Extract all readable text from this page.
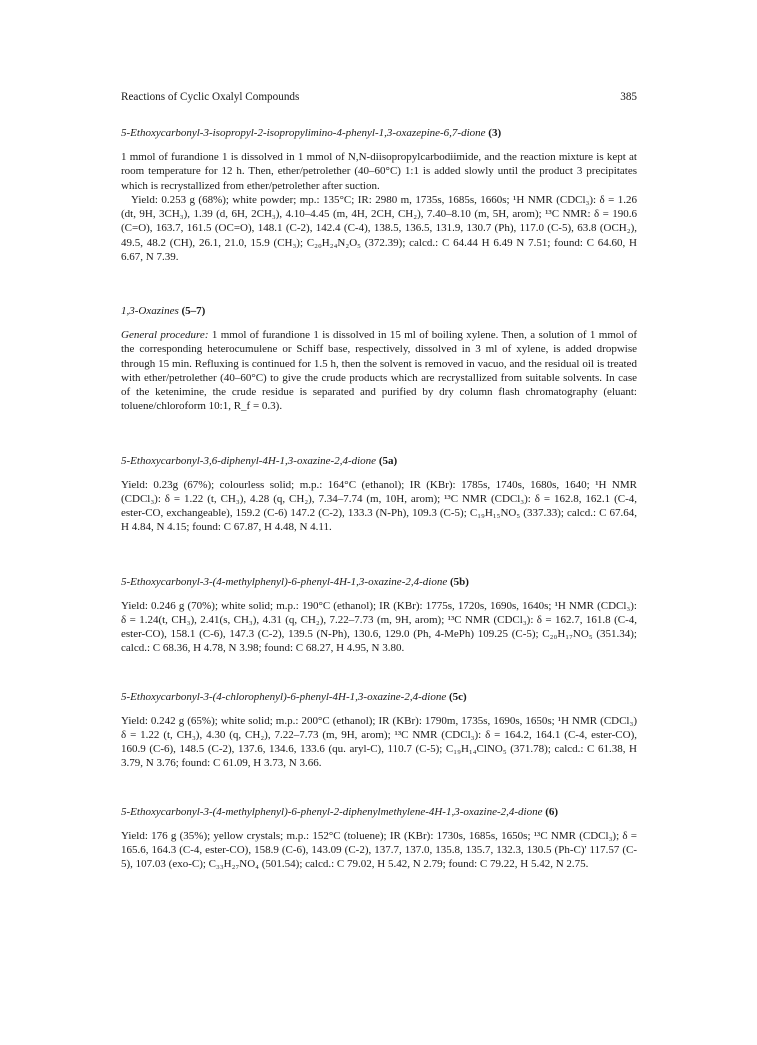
Reactions of Cyclic Oxalyl Compounds	385

5-Ethoxycarbonyl-3-isopropyl-2-isopropylimino-4-phenyl-1,3-oxazepine-6,7-dione (3)

1 mmol of furandione 1 is dissolved in 1 mmol of N,N-diisopropylcarbodiimide, and the reaction mixture is kept at room temperature for 12 h. Then, ether/petrolether (40–60°C) 1:1 is added slowly until the product 3 precipitates which is recrystallized from ether/petrolether after suction.

Yield: 0.253 g (68%); white powder; mp.: 135°C; IR: 2980 m, 1735s, 1685s, 1660s; ¹H NMR (CDCl₃): δ = 1.26 (dt, 9H, 3CH₃), 1.39 (d, 6H, 2CH₃), 4.10–4.45 (m, 4H, 2CH, CH₂), 7.40–8.10 (m, 5H, arom); ¹³C NMR: δ = 190.6 (C=O), 163.7, 161.5 (OC=O), 148.1 (C-2), 142.4 (C-4), 138.5, 136.5, 131.9, 130.7 (Ph), 117.0 (C-5), 63.8 (OCH₂), 49.5, 48.2 (CH), 26.1, 21.0, 15.9 (CH₃); C₂₀H₂₄N₂O₅ (372.39); calcd.: C 64.44 H 6.49 N 7.51; found: C 64.60, H 6.67, N 7.39.

1,3-Oxazines (5–7)

General procedure: 1 mmol of furandione 1 is dissolved in 15 ml of boiling xylene. Then, a solution of 1 mmol of the corresponding heterocumulene or Schiff base, respectively, dissolved in 3 ml of xylene, is added dropwise through 15 min. Refluxing is continued for 1.5 h, then the solvent is removed in vacuo, and the residual oil is treated with ether/petrolether (40–60°C) to give the crude products which are recrystallized from suitable solvents. In case of the ketenimine, the crude residue is separated and purified by dry column flash chromatography (eluant: toluene/chloroform 10:1, R_f = 0.3).

5-Ethoxycarbonyl-3,6-diphenyl-4H-1,3-oxazine-2,4-dione (5a)

Yield: 0.23g (67%); colourless solid; m.p.: 164°C (ethanol); IR (KBr): 1785s, 1740s, 1680s, 1640; ¹H NMR (CDCl₃): δ = 1.22 (t, CH₃), 4.28 (q, CH₂), 7.34–7.74 (m, 10H, arom); ¹³C NMR (CDCl₃): δ = 162.8, 162.1 (C-4, ester-CO, exchangeable), 159.2 (C-6) 147.2 (C-2), 133.3 (N-Ph), 109.3 (C-5); C₁₉H₁₅NO₅ (337.33); calcd.: C 67.64, H 4.84, N 4.15; found: C 67.87, H 4.48, N 4.11.

5-Ethoxycarbonyl-3-(4-methylphenyl)-6-phenyl-4H-1,3-oxazine-2,4-dione (5b)

Yield: 0.246 g (70%); white solid; m.p.: 190°C (ethanol); IR (KBr): 1775s, 1720s, 1690s, 1640s; ¹H NMR (CDCl₃): δ = 1.24(t, CH₃), 2.41(s, CH₃), 4.31 (q, CH₂), 7.22–7.73 (m, 9H, arom); ¹³C NMR (CDCl₃): δ = 162.7, 161.8 (C-4, ester-CO), 158.1 (C-6), 147.3 (C-2), 139.5 (N-Ph), 130.6, 129.0 (Ph, 4-MePh) 109.25 (C-5); C₂₀H₁₇NO₅ (351.34); calcd.: C 68.36, H 4.78, N 3.98; found: C 68.27, H 4.95, N 3.80.

5-Ethoxycarbonyl-3-(4-chlorophenyl)-6-phenyl-4H-1,3-oxazine-2,4-dione (5c)

Yield: 0.242 g (65%); white solid; m.p.: 200°C (ethanol); IR (KBr): 1790m, 1735s, 1690s, 1650s; ¹H NMR (CDCl₃) δ = 1.22 (t, CH₃), 4.30 (q, CH₂), 7.22–7.73 (m, 9H, arom); ¹³C NMR (CDCl₃): δ = 164.2, 164.1 (C-4, ester-CO), 160.9 (C-6), 148.5 (C-2), 137.6, 134.6, 133.6 (qu. aryl-C), 110.7 (C-5); C₁₉H₁₄ClNO₅ (371.78); calcd.: C 61.38, H 3.79, N 3.76; found: C 61.09, H 3.73, N 3.66.

5-Ethoxycarbonyl-3-(4-methylphenyl)-6-phenyl-2-diphenylmethylene-4H-1,3-oxazine-2,4-dione (6)

Yield: 176 g (35%); yellow crystals; m.p.: 152°C (toluene); IR (KBr): 1730s, 1685s, 1650s; ¹³C NMR (CDCl₃); δ = 165.6, 164.3 (C-4, ester-CO), 158.9 (C-6), 143.09 (C-2), 137.7, 137.0, 135.8, 135.7, 132.3, 130.5 (Ph-C)' 117.57 (C-5), 107.03 (exo-C); C₃₃H₂₇NO₄ (501.54); calcd.: C 79.02, H 5.42, N 2.79; found: C 79.22, H 5.42, N 2.75.
